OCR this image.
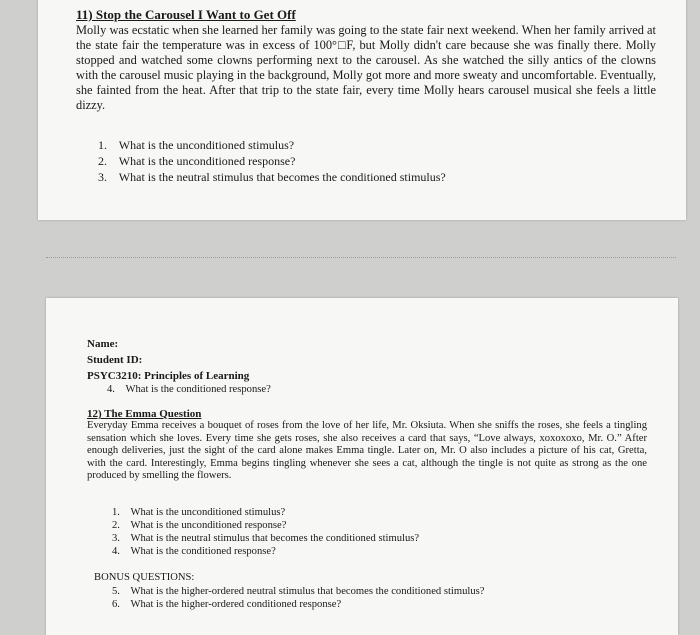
11) Stop the Carousel I Want to Get Off

Molly was ecstatic when she learned her family was going to the state fair next weekend. When her family arrived at the state fair the temperature was in excess of 100°□F, but Molly didn't care because she was finally there. Molly stopped and watched some clowns performing next to the carousel. As she watched the silly antics of the clowns with the carousel music playing in the background, Molly got more and more sweaty and uncomfortable. Eventually, she fainted from the heat. After that trip to the state fair, every time Molly hears carousel musical she feels a little dizzy.

1. What is the unconditioned stimulus?
2. What is the unconditioned response?
3. What is the neutral stimulus that becomes the conditioned stimulus?
Name:
Student ID:
PSYC3210: Principles of Learning
4. What is the conditioned response?

12) The Emma Question

Everyday Emma receives a bouquet of roses from the love of her life, Mr. Oksiuta. When she sniffs the roses, she feels a tingling sensation which she loves. Every time she gets roses, she also receives a card that says, “Love always, xoxoxoxo, Mr. O.” After enough deliveries, just the sight of the card alone makes Emma tingle. Later on, Mr. O also includes a picture of his cat, Gretta, with the card. Interestingly, Emma begins tingling whenever she sees a cat, although the tingle is not quite as strong as the one produced by smelling the flowers.

1. What is the unconditioned stimulus?
2. What is the unconditioned response?
3. What is the neutral stimulus that becomes the conditioned stimulus?
4. What is the conditioned response?
BONUS QUESTIONS:
5. What is the higher-ordered neutral stimulus that becomes the conditioned stimulus?
6. What is the higher-ordered conditioned response?
